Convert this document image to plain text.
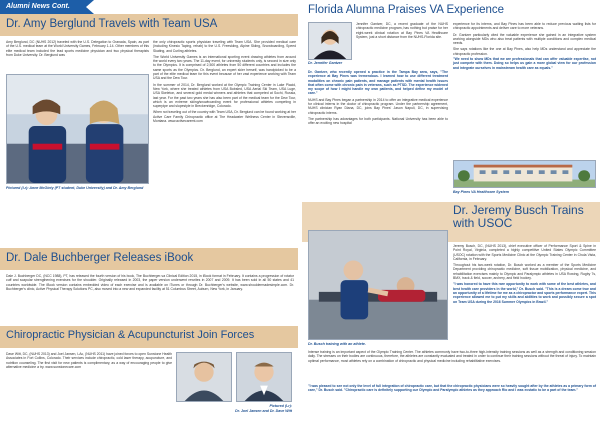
Alumni News Cont.
Dr. Amy Berglund Travels with Team USA
Amy Berglund, DC (NUHS 2012) traveled with the U.S. Delegation to Granada, Spain, as part of the U.S. medical team at the World University Games, February 1-14. Other members of this elite medical team included the lead sports medicine physician and two physical therapists from Duke University. Dr. Berglund was
Pictured (l-r): Anne McGinty (PT student, Duke University) and Dr. Amy Berglund
the only chiropractic sports physician traveling with Team USA. She provided medical care (including Kinesio Taping, rehab) to the U.S. Freeskiing, Alpine Skiing, Snowboarding, Speed Skating, and Curling athletes.
The World University Games is an international sporting event drawing athletes from around the world every two years. The 11-day event, for university students only, is second in size only to the Olympics. It is comprised of 2,500 athletes from 50 different countries and includes the same sports as the Olympics. Dr. Berglund, an expert skier herself, was handpicked to be a part of the elite medical team for this event because of her vast experience working with Team USA and the Dew Tour.
In the summer of 2014, Dr. Berglund worked at the Olympic Training Center in Lake Placid, New York, where she treated athletes from USA Bobsled, USA Aerial Ski Team, USA Luge, USA Skeleton, and several gold medal winners and athletes that competed at Sochi, Russia, last year. For the past two years she has also been part of the medical team for the Dew Tour, which is an extreme skiing/snowboarding event for professional athletes competing in superpipe and slopestyle in Breckenridge, Colorado.
When not traveling out of the country with Team USA, Dr. Berglund can be found working at her Active Care Family Chiropractic office at The Headwater Wellness Center in Stevensville, Montana. www.activecaremt.com
Dr. Dale Buchberger Releases iBook
Dale J. Buchberger DC, (NCC 1988), PT, has released the fourth version of his book, The Buchberger-va Clinical Edition 2015, in iBook format in February. It contains a progression of rotator cuff and scapular strengthening exercises for the shoulder. Originally released in 2003, the paper version underwent rewrites in 2007 and 2009. It has been sold in all 50 states and 41 countries worldwide. The iBook version contains embedded video of each exercise and is available on iTunes or through Dr. Buchberger's website, www.shouldermadesimple.com. Dr. Buchberger's clinic, Active Physical Therapy Solutions PC, also moved into a new and expanded facility at 51 Columbus Street, Auburn, New York, in January.
Chiropractic Physician & Acupuncturist Join Forces
Dave Witt, DC, (NUHS 2013) and Joel Jansen, LAc, (NUHS 2011) have joined forces to open Sunstone Health Associates in Fort Collins, Colorado. Their services include chiropractic, cold laser therapy, acupuncture, and nutrition counseling. The first visit for new patients is complimentary, as a way of encouraging people to give alternative medicine a try. www.sunstonecare.com
Pictured (l-r):
Dr. Joel Jansen and Dr. Dave Witt
Florida Alumna Praises VA Experience
Dr. Jennifer Gantzer
Jennifer Gantzer, DC, a recent graduate of the NUHS chiropractic medicine program, has nothing but praise for her eight-week clinical rotation at Bay Pines VA Healthcare System, just a short distance from the NUHS-Florida site.
Dr. Gantzer, who recently opened a practice in the Tampa Bay area, says, "The experience at Bay Pines was tremendous. I learned how to use different treatment modalities on chronic pain patients, and manage patients with mental health issues that often come with chronic pain in veterans, such as PTSD. The experience widened my scope of how I might handle my own patients, and helped define my model of care."
NUHS and Bay Pines began a partnership in 2014 to offer an integrative medical experience for clinical interns in the doctor of chiropractic program. Under the partnership agreement, NUHS clinician Ryan Diana, DC, joins Bay Pines' Jason Napuli, DC, in supervising chiropractic interns.
The partnership has advantages for both participants. National University has been able to offer an exciting new hospital
experience for its interns, and Bay Pines has been able to reduce previous waiting lists for chiropractic appointments and deliver care to more veterans.
Dr. Gantzer particularly cited the valuable experience she gained in an integrative system working alongside MDs who also treat patients with multiple conditions and complex medical needs.
She says rotations like the one at Bay Pines, also help MDs understand and appreciate the chiropractic profession.
"We need to show MDs that we are professionals that can offer valuable expertise, not just compete with them. Doing so helps us gain a more global view for our profession and integrate ourselves in mainstream health care as equals."
Bay Pines VA Healthcare System
Dr. Jeremy Busch Trains with USOC
Dr. Busch training with an athlete.
Jeremy Busch, DC, (NUHS 2013), chief executive officer of Performance Sport & Spine in Point Royal, Virginia, completed a highly competitive United States Olympic Committee (USOC) rotation with the Sports Medicine Clinic at the Olympic Training Center in Chula Vista, California, in February.
Throughout his two-week rotation, Dr. Busch worked as a member of the Sports Medicine Department providing chiropractic medicine, soft tissue mobilization, physical medicine, and rehabilitation exercises mainly to Olympic and Paralympic athletes in USA Rowing, Rugby 7s, BMX, track & field, soccer, archery, and field hockey.
"I was honored to have this rare opportunity to work with some of the best athletes, and best health care providers in the world," Dr. Busch said. "This is a dream come true and an opportunity of a lifetime for me as a chiropractor and sports performance expert. This experience allowed me to put my skills and abilities to work and possibly secure a spot on Team USA during the 2016 Summer Olympics in Brazil."
Intense training is an important aspect of the Olympic Training Center. The athletes commonly have two-to-three high-intensity training sessions as well as a strength and conditioning session daily. The stresses on their bodies are continuous, therefore, the athletes are constantly evaluated and treated in order to continue their training sessions without the threat of injury. To maintain optimal performance, most athletes rely on a combination of chiropractic and physical medicine including rehabilitative exercises.
"I was pleased to see not only the level of full integration of chiropractic care, but that the chiropractic physicians were so heavily sought after by the athletes as a primary form of care," Dr. Busch said. "Chiropractic care is definitely supporting our Olympic and Paralympic athletes as they approach Rio and I was ecstatic to be a part of the team."
